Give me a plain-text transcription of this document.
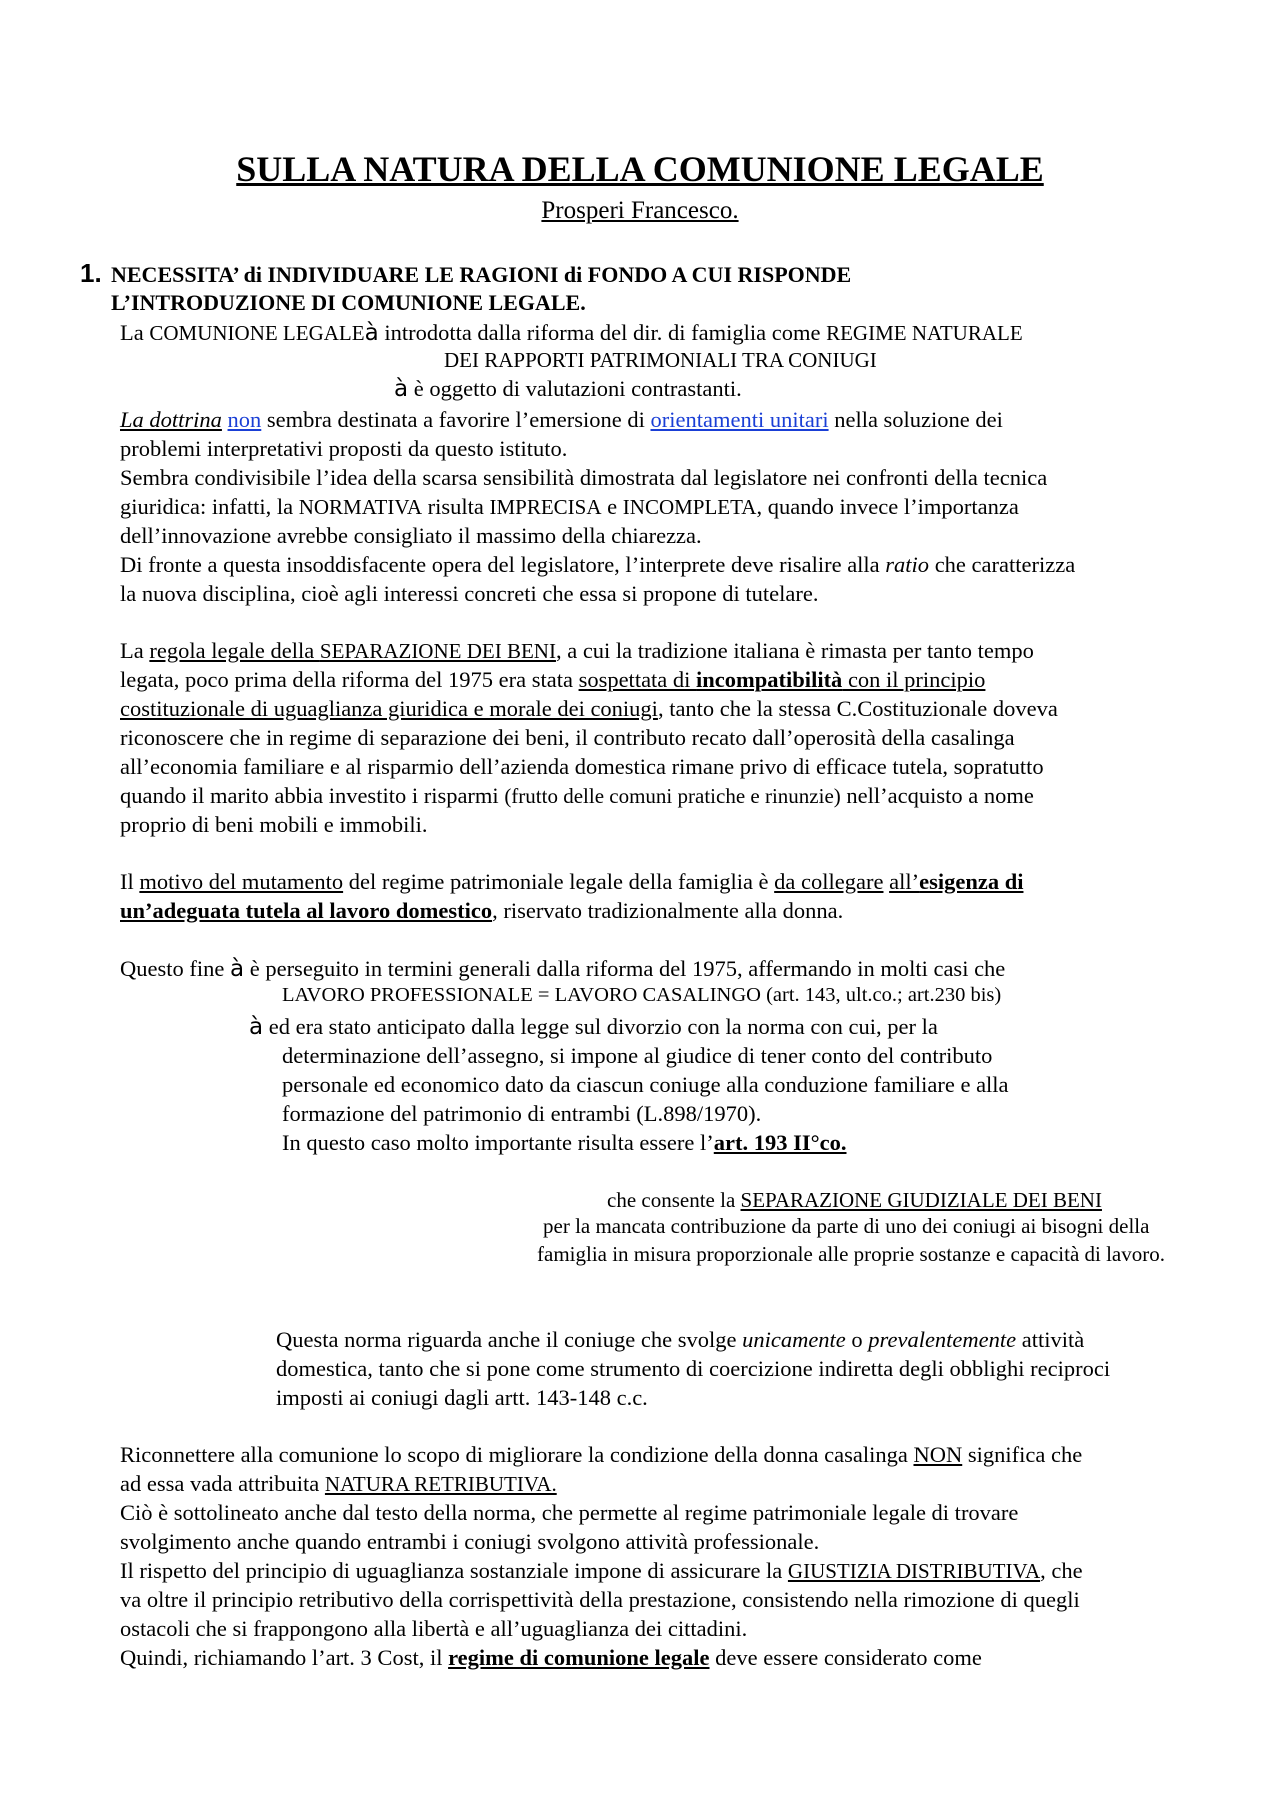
SULLA NATURA DELLA COMUNIONE LEGALE
Prosperi Francesco.
1. NECESSITA’ di INDIVIDUARE LE RAGIONI di FONDO A CUI RISPONDE
L’INTRODUZIONE DI COMUNIONE LEGALE.
La COMUNIONE LEGALEà introdotta dalla riforma del dir. di famiglia come REGIME NATURALE
DEI RAPPORTI PATRIMONIALI TRA CONIUGI
à è oggetto di valutazioni contrastanti.
La dottrina non sembra destinata a favorire l’emersione di orientamenti unitari nella soluzione dei
problemi interpretativi proposti da questo istituto.
Sembra condivisibile l’idea della scarsa sensibilità dimostrata dal legislatore nei confronti della tecnica
giuridica: infatti, la NORMATIVA risulta IMPRECISA e INCOMPLETA, quando invece l’importanza
dell’innovazione avrebbe consigliato il massimo della chiarezza.
Di fronte a questa insoddisfacente opera del legislatore, l’interprete deve risalire alla ratio che caratterizza
la nuova disciplina, cioè agli interessi concreti che essa si propone di tutelare.
La regola legale della SEPARAZIONE DEI BENI, a cui la tradizione italiana è rimasta per tanto tempo
legata, poco prima della riforma del 1975 era stata sospettata di incompatibilità con il principio
costituzionale di uguaglianza giuridica e morale dei coniugi, tanto che la stessa C.Costituzionale doveva
riconoscere che in regime di separazione dei beni, il contributo recato dall’operosità della casalinga
all’economia familiare e al risparmio dell’azienda domestica rimane privo di efficace tutela, sopratutto
quando il marito abbia investito i risparmi (frutto delle comuni pratiche e rinunzie) nell’acquisto a nome
proprio di beni mobili e immobili.
Il motivo del mutamento del regime patrimoniale legale della famiglia è da collegare all’esigenza di
un’adeguata tutela al lavoro domestico, riservato tradizionalmente alla donna.
Questo fine à è perseguito in termini generali dalla riforma del 1975, affermando in molti casi che
LAVORO PROFESSIONALE = LAVORO CASALINGO (art. 143, ult.co.; art.230 bis)
à ed era stato anticipato dalla legge sul divorzio con la norma con cui, per la
determinazione dell’assegno, si impone al giudice di tener conto del contributo
personale ed economico dato da ciascun coniuge alla conduzione familiare e alla
formazione del patrimonio di entrambi (L.898/1970).
In questo caso molto importante risulta essere l’art. 193 II°co.
che consente la SEPARAZIONE GIUDIZIALE DEI BENI
per la mancata contribuzione da parte di uno dei coniugi ai bisogni della
famiglia in misura proporzionale alle proprie sostanze e capacità di lavoro.
Questa norma riguarda anche il coniuge che svolge unicamente o prevalentemente attività
domestica, tanto che si pone come strumento di coercizione indiretta degli obblighi reciproci
imposti ai coniugi dagli artt. 143-148 c.c.
Riconnettere alla comunione lo scopo di migliorare la condizione della donna casalinga NON significa che
ad essa vada attribuita NATURA RETRIBUTIVA.
Ciò è sottolineato anche dal testo della norma, che permette al regime patrimoniale legale di trovare
svolgimento anche quando entrambi i coniugi svolgono attività professionale.
Il rispetto del principio di uguaglianza sostanziale impone di assicurare la GIUSTIZIA DISTRIBUTIVA, che
va oltre il principio retributivo della corrispettività della prestazione, consistendo nella rimozione di quegli
ostacoli che si frappongono alla libertà e all’uguaglianza dei cittadini.
Quindi, richiamando l’art. 3 Cost, il regime di comunione legale deve essere considerato come
